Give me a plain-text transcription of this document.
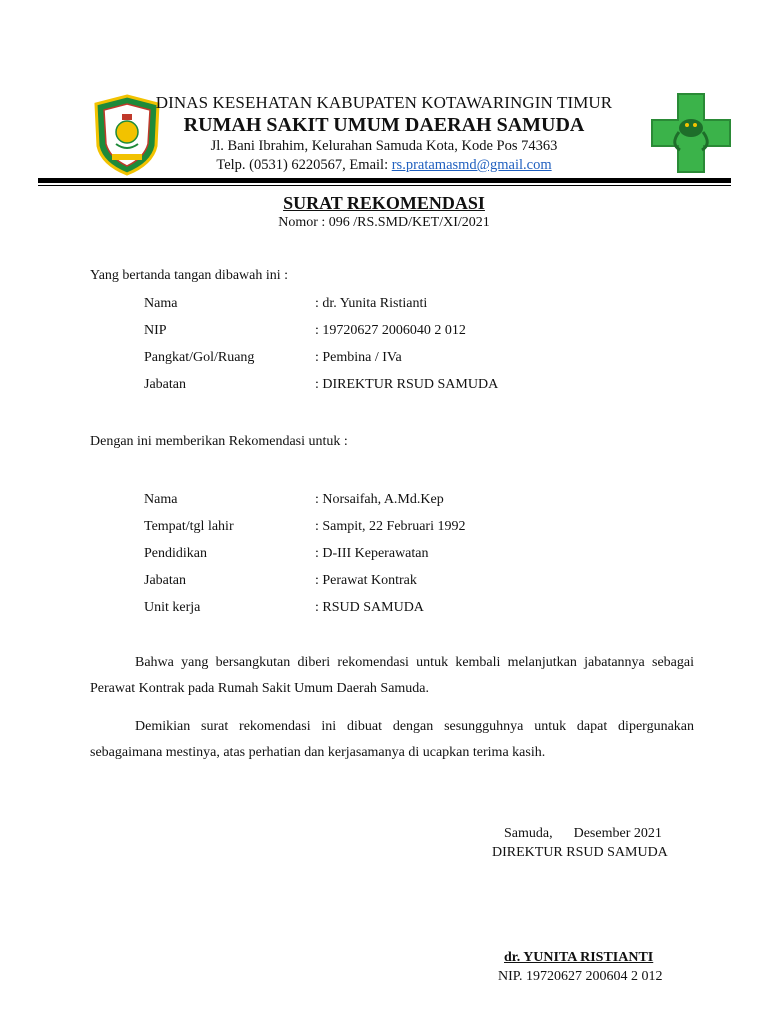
DINAS KESEHATAN KABUPATEN KOTAWARINGIN TIMUR
RUMAH SAKIT UMUM DAERAH SAMUDA
Jl. Bani Ibrahim, Kelurahan Samuda Kota, Kode Pos 74363
Telp. (0531) 6220567, Email: rs.pratamasmd@gmail.com
SURAT REKOMENDASI
Nomor : 096 /RS.SMD/KET/XI/2021
Yang bertanda tangan dibawah ini :
Nama	: dr. Yunita Ristianti
NIP	: 19720627 2006040 2 012
Pangkat/Gol/Ruang	: Pembina / IVa
Jabatan	: DIREKTUR RSUD SAMUDA
Dengan ini memberikan Rekomendasi untuk :
Nama	: Norsaifah, A.Md.Kep
Tempat/tgl lahir	: Sampit, 22 Februari 1992
Pendidikan	: D-III Keperawatan
Jabatan	: Perawat Kontrak
Unit kerja	: RSUD SAMUDA
Bahwa yang bersangkutan diberi rekomendasi untuk kembali melanjutkan jabatannya sebagai Perawat Kontrak pada Rumah Sakit Umum Daerah Samuda.
Demikian surat rekomendasi ini dibuat dengan sesungguhnya untuk dapat dipergunakan sebagaimana mestinya, atas perhatian dan kerjasamanya di ucapkan terima kasih.
Samuda,      Desember 2021
DIREKTUR RSUD SAMUDA
dr. YUNITA RISTIANTI
NIP. 19720627 200604 2 012
